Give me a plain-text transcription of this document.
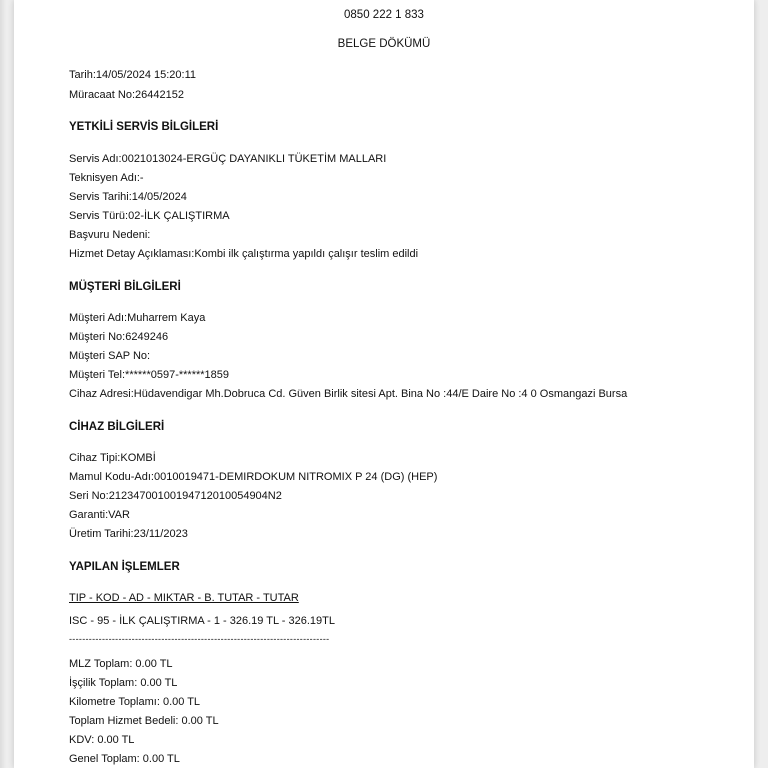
0850 222 1 833
BELGE DÖKÜMÜ
Tarih:14/05/2024 15:20:11
Müracaat No:26442152
YETKİLİ SERVİS BİLGİLERİ
Servis Adı:0021013024-ERGÜÇ DAYANIKLI TÜKETİM MALLARI
Teknisyen Adı:-
Servis Tarihi:14/05/2024
Servis Türü:02-İLK ÇALIŞTIRMA
Başvuru Nedeni:
Hizmet Detay Açıklaması:Kombi ilk çalıştırma yapıldı çalışır teslim edildi
MÜŞTERİ BİLGİLERİ
Müşteri Adı:Muharrem Kaya
Müşteri No:6249246
Müşteri SAP No:
Müşteri Tel:******0597-******1859
Cihaz Adresi:Hüdavendigar Mh.Dobruca Cd. Güven Birlik sitesi Apt. Bina No :44/E Daire No :4 0 Osmangazi Bursa
CİHAZ BİLGİLERİ
Cihaz Tipi:KOMBİ
Mamul Kodu-Adı:0010019471-DEMIRDOKUM NITROMIX P 24 (DG) (HEP)
Seri No:21234700100194712010054904N2
Garanti:VAR
Üretim Tarihi:23/11/2023
YAPILAN İŞLEMLER
TIP - KOD - AD - MIKTAR - B. TUTAR - TUTAR
ISC - 95 - İLK ÇALIŞTIRMA - 1 - 326.19 TL - 326.19TL
-------------------------------------------------------------------------------
MLZ Toplam: 0.00 TL
İşçilik Toplam: 0.00 TL
Kilometre Toplamı: 0.00 TL
Toplam Hizmet Bedeli: 0.00 TL
KDV: 0.00 TL
Genel Toplam: 0.00 TL
